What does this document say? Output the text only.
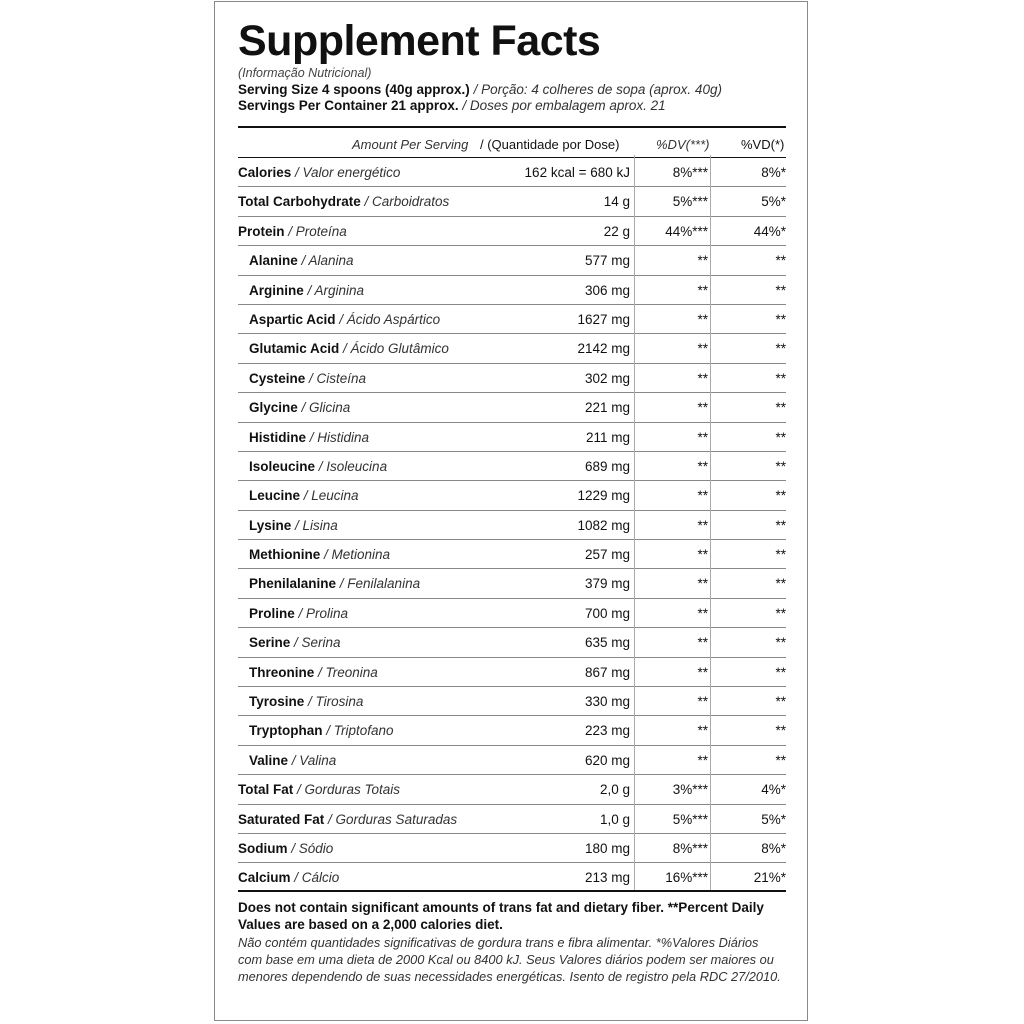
Supplement Facts
(Informação Nutricional)
Serving Size 4 spoons (40g approx.) / Porção: 4 colheres de sopa (aprox. 40g)
Servings Per Container 21 approx. / Doses por embalagem aprox. 21
Amount Per Serving / (Quantidade por Dose)	%DV(***) %VD(*)
Calories / Valor energético	162 kcal = 680 kJ	8%***	8%*
Total Carbohydrate / Carboidratos	14 g	5%***	5%*
Protein / Proteína	22 g	44%***	44%*
Alanine / Alanina	577 mg	**	**
Arginine / Arginina	306 mg	**	**
Aspartic Acid / Ácido Aspártico	1627 mg	**	**
Glutamic Acid / Ácido Glutâmico	2142 mg	**	**
Cysteine / Cisteína	302 mg	**	**
Glycine / Glicina	221 mg	**	**
Histidine / Histidina	211 mg	**	**
Isoleucine / Isoleucina	689 mg	**	**
Leucine / Leucina	1229 mg	**	**
Lysine / Lisina	1082 mg	**	**
Methionine / Metionina	257 mg	**	**
Phenilalanine / Fenilalanina	379 mg	**	**
Proline / Prolina	700 mg	**	**
Serine / Serina	635 mg	**	**
Threonine / Treonina	867 mg	**	**
Tyrosine / Tirosina	330 mg	**	**
Tryptophan / Triptofano	223 mg	**	**
Valine / Valina	620 mg	**	**
Total Fat / Gorduras Totais	2,0 g	3%***	4%*
Saturated Fat / Gorduras Saturadas	1,0 g	5%***	5%*
Sodium / Sódio	180 mg	8%***	8%*
Calcium / Cálcio	213 mg	16%***	21%*
Does not contain significant amounts of trans fat and dietary fiber. **Percent Daily Values are based on a 2,000 calories diet.
Não contém quantidades significativas de gordura trans e fibra alimentar. *%Valores Diários com base em uma dieta de 2000 Kcal ou 8400 kJ. Seus Valores diários podem ser maiores ou menores dependendo de suas necessidades energéticas. Isento de registro pela RDC 27/2010.
